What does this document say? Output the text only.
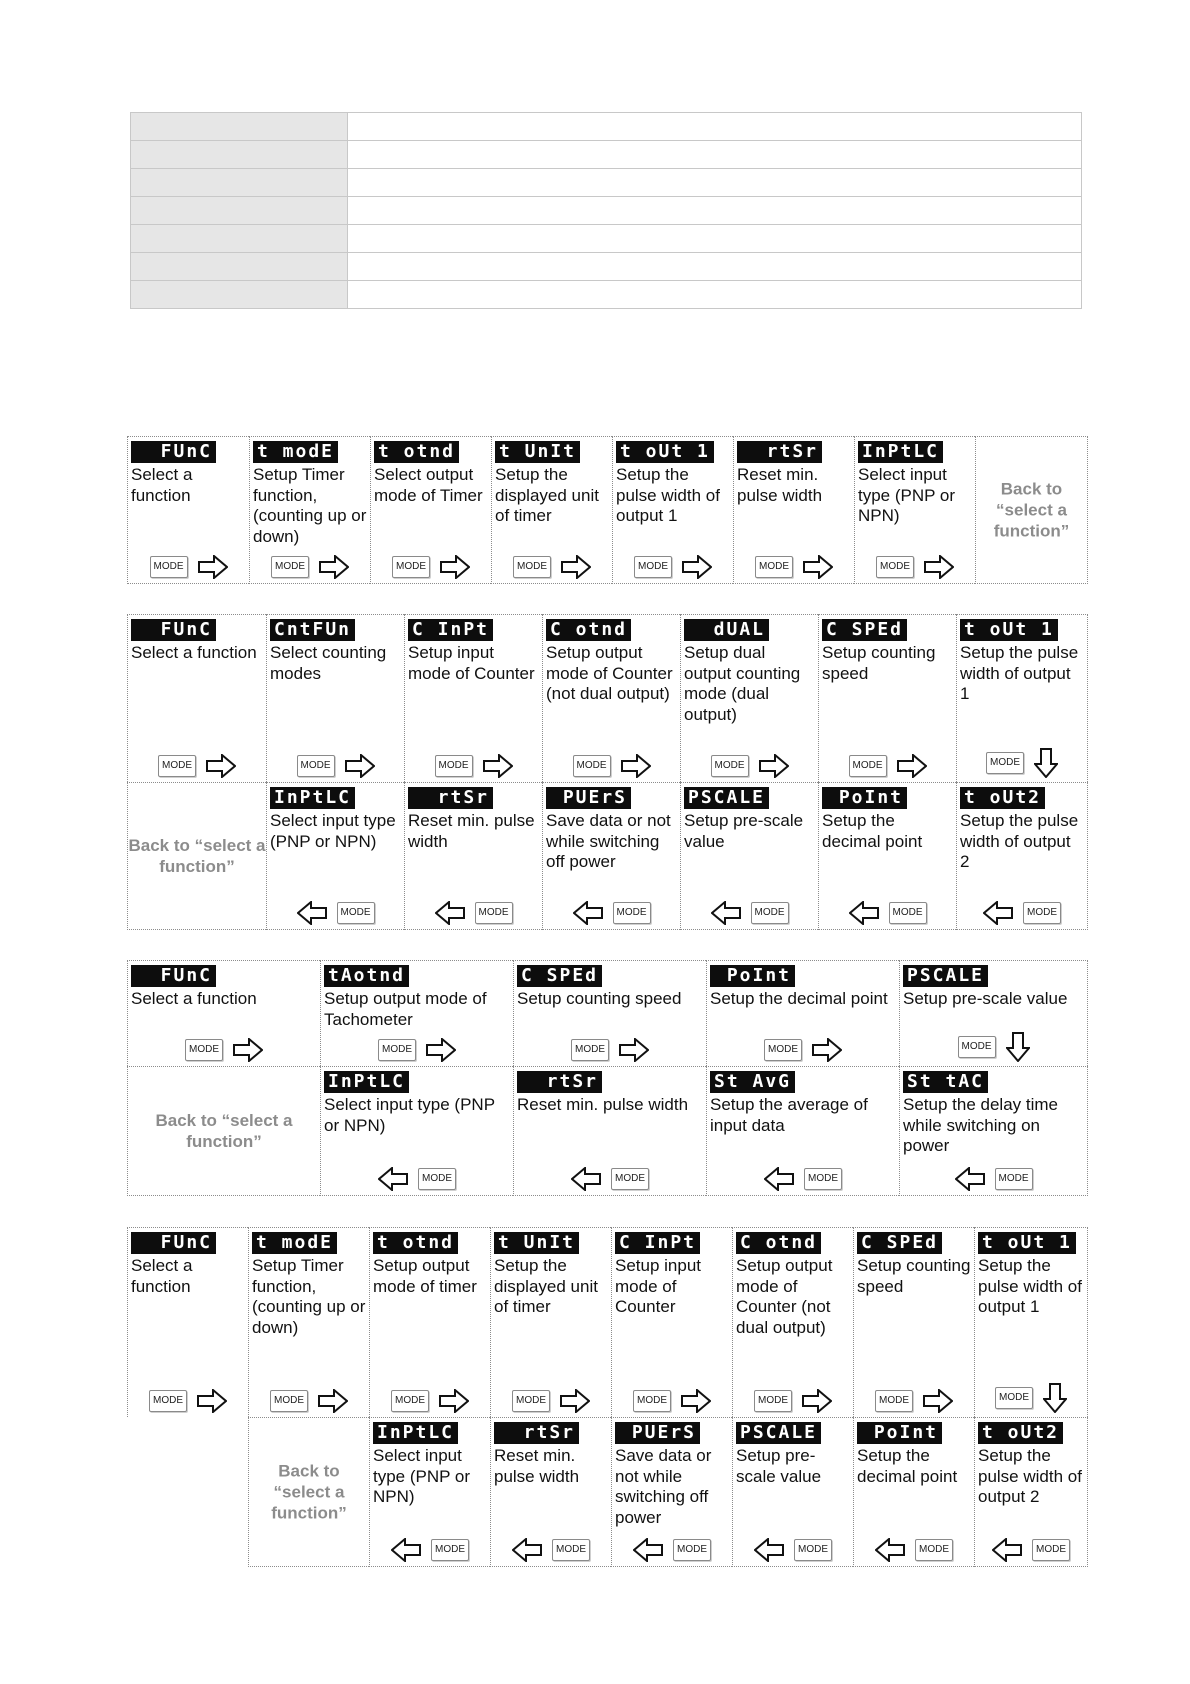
FUnC
Select a function
MODE
t modE
Setup Timer function, (counting up or down)
MODE
t otnd
Select output mode of Timer
MODE
t UnIt
Setup the displayed unit of timer
MODE
t oUt 1
Setup the pulse width of output 1
MODE
rtSr
Reset min. pulse width
MODE
InPtLC
Select input type (PNP or NPN)
MODE
Back to “select a function”
FUnC
Select a function
MODE
CntFUn
Select counting modes
MODE
C InPt
Setup input mode of Counter
MODE
C otnd
Setup output mode of Counter (not dual output)
MODE
dUAL
Setup dual output counting mode (dual output)
MODE
C SPEd
Setup counting speed
MODE
t oUt 1
Setup the pulse width of output 1
MODE
Back to “select a function”
InPtLC
Select input type (PNP or NPN)
MODE
rtSr
Reset min. pulse width
MODE
PUErS
Save data or not while switching off power
MODE
PSCALE
Setup pre-scale value
MODE
PoInt
Setup the decimal point
MODE
t oUt2
Setup the pulse width of output 2
MODE
FUnC
Select a function
MODE
tAotnd
Setup output mode of Tachometer
MODE
C SPEd
Setup counting speed
MODE
PoInt
Setup the decimal point
MODE
PSCALE
Setup pre-scale value
MODE
Back to “select a function”
InPtLC
Select input type (PNP or NPN)
MODE
rtSr
Reset min. pulse width
MODE
St AvG
Setup the average of input data
MODE
St tAC
Setup the delay time while switching on power
MODE
FUnC
Select a function
MODE
t modE
Setup Timer function, (counting up or down)
MODE
t otnd
Setup output mode of timer
MODE
t UnIt
Setup the displayed unit of timer
MODE
C InPt
Setup input mode of Counter
MODE
C otnd
Setup output mode of Counter (not dual output)
MODE
C SPEd
Setup counting speed
MODE
t oUt 1
Setup the pulse width of output 1
MODE
Back to “select a function”
InPtLC
Select input type (PNP or NPN)
MODE
rtSr
Reset min. pulse width
MODE
PUErS
Save data or not while switching off power
MODE
PSCALE
Setup pre-scale value
MODE
PoInt
Setup the decimal point
MODE
t oUt2
Setup the pulse width of output 2
MODE
